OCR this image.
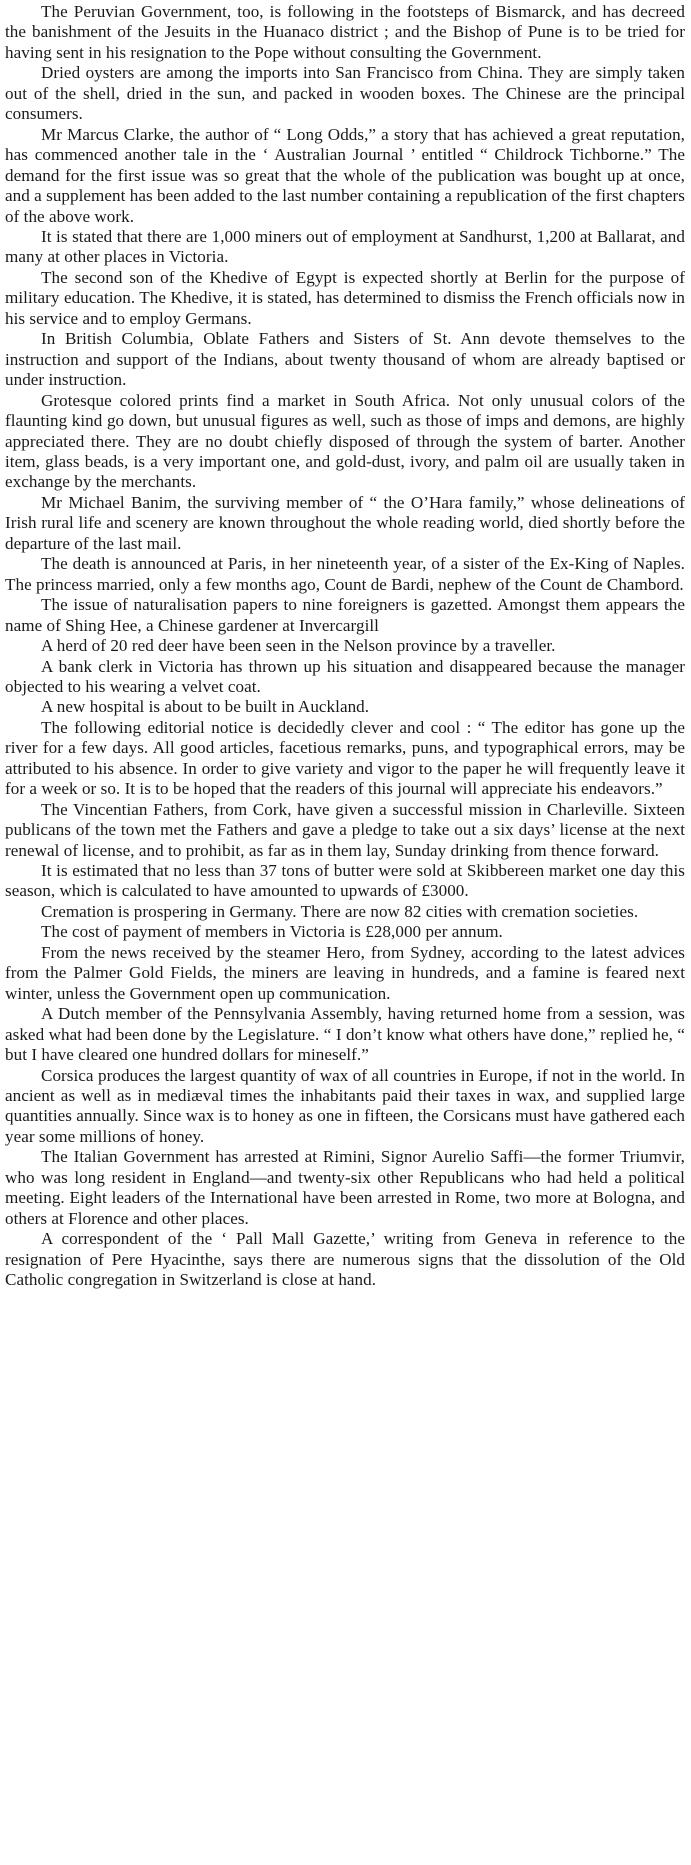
The Peruvian Government, too, is following in the footsteps of Bismarck, and has decreed the banishment of the Jesuits in the Huanaco district ; and the Bishop of Pune is to be tried for having sent in his resignation to the Pope without consulting the Government.

Dried oysters are among the imports into San Francisco from China. They are simply taken out of the shell, dried in the sun, and packed in wooden boxes. The Chinese are the principal consumers.

Mr Marcus Clarke, the author of “ Long Odds,” a story that has achieved a great reputation, has commenced another tale in the ‘ Australian Journal ’ entitled “ Childrock Tichborne.” The demand for the first issue was so great that the whole of the publication was bought up at once, and a supplement has been added to the last number containing a republication of the first chapters of the above work.

It is stated that there are 1,000 miners out of employment at Sandhurst, 1,200 at Ballarat, and many at other places in Victoria.

The second son of the Khedive of Egypt is expected shortly at Berlin for the purpose of military education. The Khedive, it is stated, has determined to dismiss the French officials now in his service and to employ Germans.

In British Columbia, Oblate Fathers and Sisters of St. Ann devote themselves to the instruction and support of the Indians, about twenty thousand of whom are already baptised or under instruction.

Grotesque colored prints find a market in South Africa. Not only unusual colors of the flaunting kind go down, but unusual figures as well, such as those of imps and demons, are highly appreciated there. They are no doubt chiefly disposed of through the system of barter. Another item, glass beads, is a very important one, and gold-dust, ivory, and palm oil are usually taken in exchange by the merchants.

Mr Michael Banim, the surviving member of “ the O’Hara family,” whose delineations of Irish rural life and scenery are known throughout the whole reading world, died shortly before the departure of the last mail.

The death is announced at Paris, in her nineteenth year, of a sister of the Ex-King of Naples. The princess married, only a few months ago, Count de Bardi, nephew of the Count de Chambord.

The issue of naturalisation papers to nine foreigners is gazetted. Amongst them appears the name of Shing Hee, a Chinese gardener at Invercargill

A herd of 20 red deer have been seen in the Nelson province by a traveller.

A bank clerk in Victoria has thrown up his situation and disappeared because the manager objected to his wearing a velvet coat.

A new hospital is about to be built in Auckland.

The following editorial notice is decidedly clever and cool : “ The editor has gone up the river for a few days. All good articles, facetious remarks, puns, and typographical errors, may be attributed to his absence. In order to give variety and vigor to the paper he will frequently leave it for a week or so. It is to be hoped that the readers of this journal will appreciate his endeavors.”

The Vincentian Fathers, from Cork, have given a successful mission in Charleville. Sixteen publicans of the town met the Fathers and gave a pledge to take out a six days’ license at the next renewal of license, and to prohibit, as far as in them lay, Sunday drinking from thence forward.

It is estimated that no less than 37 tons of butter were sold at Skibbereen market one day this season, which is calculated to have amounted to upwards of £3000.

Cremation is prospering in Germany. There are now 82 cities with cremation societies.

The cost of payment of members in Victoria is £28,000 per annum.

From the news received by the steamer Hero, from Sydney, according to the latest advices from the Palmer Gold Fields, the miners are leaving in hundreds, and a famine is feared next winter, unless the Government open up communication.

A Dutch member of the Pennsylvania Assembly, having returned home from a session, was asked what had been done by the Legislature. “ I don’t know what others have done,” replied he, “ but I have cleared one hundred dollars for mineself.”

Corsica produces the largest quantity of wax of all countries in Europe, if not in the world. In ancient as well as in mediæval times the inhabitants paid their taxes in wax, and supplied large quantities annually. Since wax is to honey as one in fifteen, the Corsicans must have gathered each year some millions of honey.

The Italian Government has arrested at Rimini, Signor Aurelio Saffi—the former Triumvir, who was long resident in England—and twenty-six other Republicans who had held a political meeting. Eight leaders of the International have been arrested in Rome, two more at Bologna, and others at Florence and other places.

A correspondent of the ‘ Pall Mall Gazette,’ writing from Geneva in reference to the resignation of Pere Hyacinthe, says there are numerous signs that the dissolution of the Old Catholic congregation in Switzerland is close at hand.
